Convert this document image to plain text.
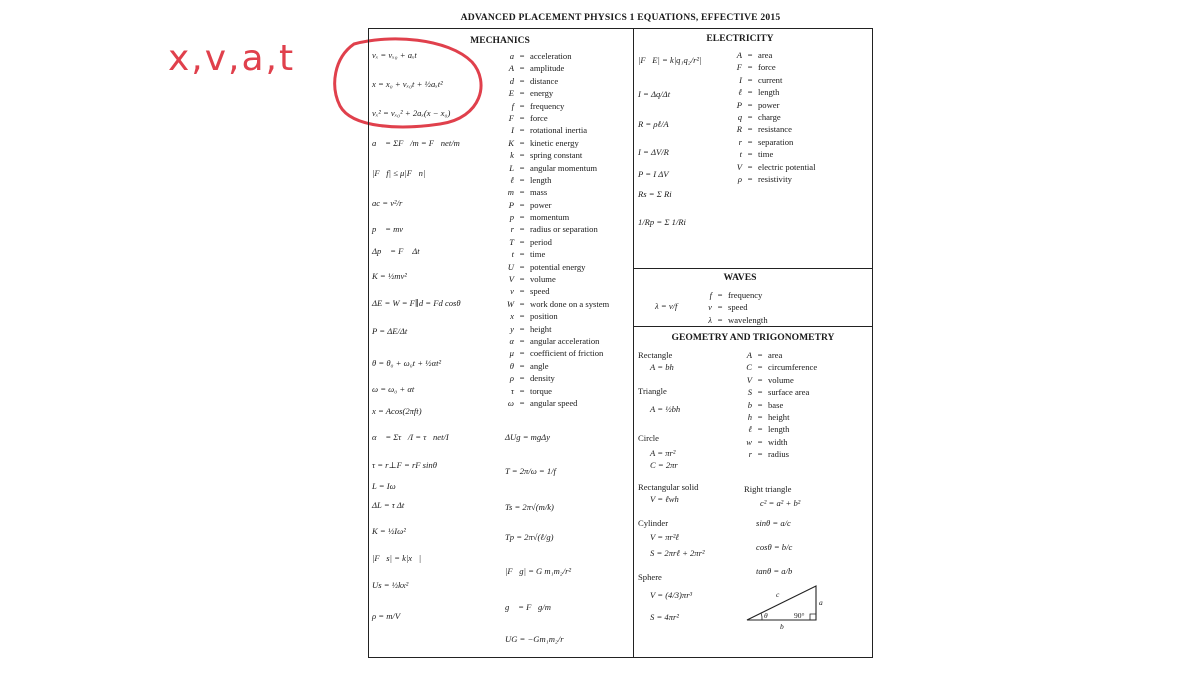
x,v,a,t
ADVANCED PLACEMENT PHYSICS 1 EQUATIONS, EFFECTIVE 2015
MECHANICS	ELECTRICITY
WAVES
GEOMETRY AND TRIGONOMETRY
vₓ = vₓ₀ + aₓt
x = x₀ + vₓ₀t + ½aₓt²
vₓ² = vₓ₀² + 2aₓ(x − x₀)
a⃗ = ΣF⃗/m = F⃗net/m
|F⃗f| ≤ μ|F⃗n|
ac = v²/r
p⃗ = mv⃗
Δp⃗ = F⃗ Δt
K = ½mv²
ΔE = W = F∥d = Fd cosθ
P = ΔE/Δt
θ = θ₀ + ω₀t + ½αt²
ω = ω₀ + αt
x = Acos(2πft)
α⃗ = Στ⃗/I = τ⃗net/I
τ = r⊥F = rF sinθ
L = Iω
ΔL = τ Δt
K = ½Iω²
|F⃗s| = k|x⃗|
Us = ½kx²
ρ = m/V
a = acceleration
A = amplitude
d = distance
E = energy
f = frequency
F = force
I = rotational inertia
K = kinetic energy
k = spring constant
L = angular momentum
ℓ = length
m = mass
P = power
p = momentum
r = radius or separation
T = period
t = time
U = potential energy
V = volume
v = speed
W = work done on a system
x = position
y = height
α = angular acceleration
μ = coefficient of friction
θ = angle
ρ = density
τ = torque
ω = angular speed
ΔUg = mgΔy
T = 2π/ω = 1/f
Ts = 2π√(m/k)
Tp = 2π√(ℓ/g)
|F⃗g| = G m₁m₂/r²
g⃗ = F⃗g/m
UG = −Gm₁m₂/r
|F⃗E| = k|q₁q₂/r²|
I = Δq/Δt
R = ρℓ/A
I = ΔV/R
P = I ΔV
Rs = Σ Ri
1/Rp = Σ 1/Ri
A = area
F = force
I = current
ℓ = length
P = power
q = charge
R = resistance
r = separation
t = time
V = electric potential
ρ = resistivity
λ = v/f
f = frequency
v = speed
λ = wavelength
Rectangle
A = bh
Triangle
A = ½bh
Circle
A = πr²
C = 2πr
Rectangular solid
V = ℓwh
Cylinder
V = πr²ℓ
S = 2πrℓ + 2πr²
Sphere
V = (4/3)πr³
S = 4πr²
A = area
C = circumference
V = volume
S = surface area
b = base
h = height
ℓ = length
w = width
r = radius
Right triangle
c² = a² + b²
sinθ = a/c
cosθ = b/c
tanθ = a/b
c
a
θ	90°
b
